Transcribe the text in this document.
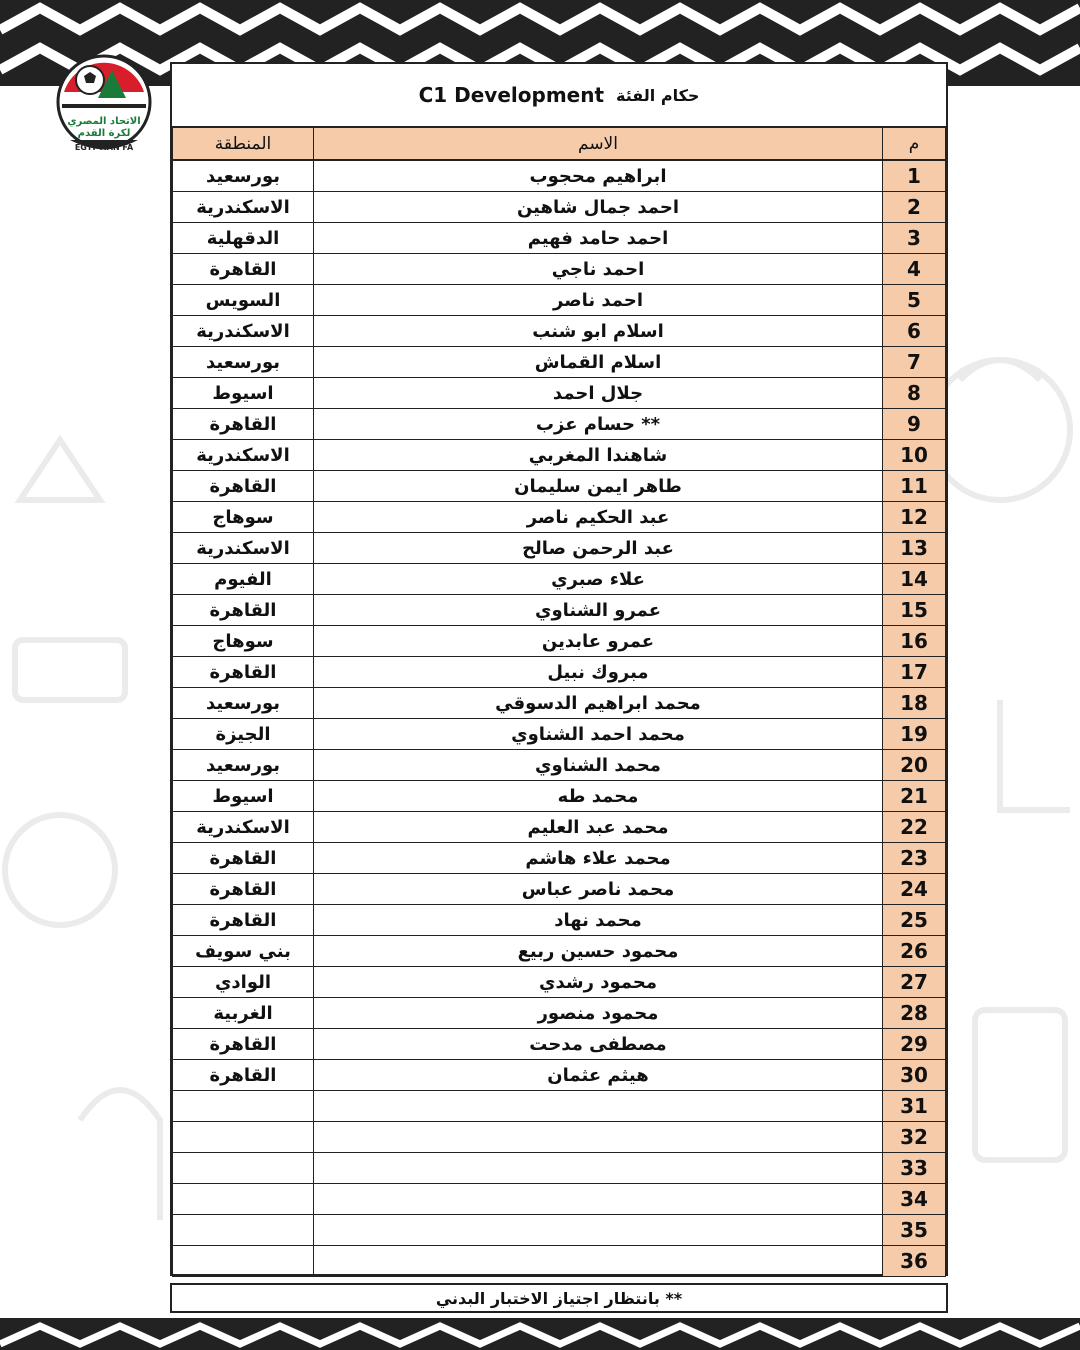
الاتحاد المصري
لكرة القدم
EGYPTIAN FA
C1 Development حكام الفئة
المنطقة	الاسم	م
بورسعيد	ابراهيم محجوب	1
الاسكندرية	احمد جمال شاهين	2
الدقهلية	احمد حامد فهيم	3
القاهرة	احمد ناجي	4
السويس	احمد ناصر	5
الاسكندرية	اسلام ابو شنب	6
بورسعيد	اسلام القماش	7
اسيوط	جلال احمد	8
القاهرة	حسام عزب **	9
الاسكندرية	شاهندا المغربي	10
القاهرة	طاهر ايمن سليمان	11
سوهاج	عبد الحكيم ناصر	12
الاسكندرية	عبد الرحمن صالح	13
الفيوم	علاء صبري	14
القاهرة	عمرو الشناوي	15
سوهاج	عمرو عابدين	16
القاهرة	مبروك نبيل	17
بورسعيد	محمد ابراهيم الدسوقي	18
الجيزة	محمد احمد الشناوي	19
بورسعيد	محمد الشناوي	20
اسيوط	محمد طه	21
الاسكندرية	محمد عبد العليم	22
القاهرة	محمد علاء هاشم	23
القاهرة	محمد ناصر عباس	24
القاهرة	محمد نهاد	25
بني سويف	محمود حسين ربيع	26
الوادي	محمود رشدي	27
الغربية	محمود منصور	28
القاهرة	مصطفى مدحت	29
القاهرة	هيثم عثمان	30
		31
		32
		33
		34
		35
		36
بانتظار اجتياز الاختبار البدني **
